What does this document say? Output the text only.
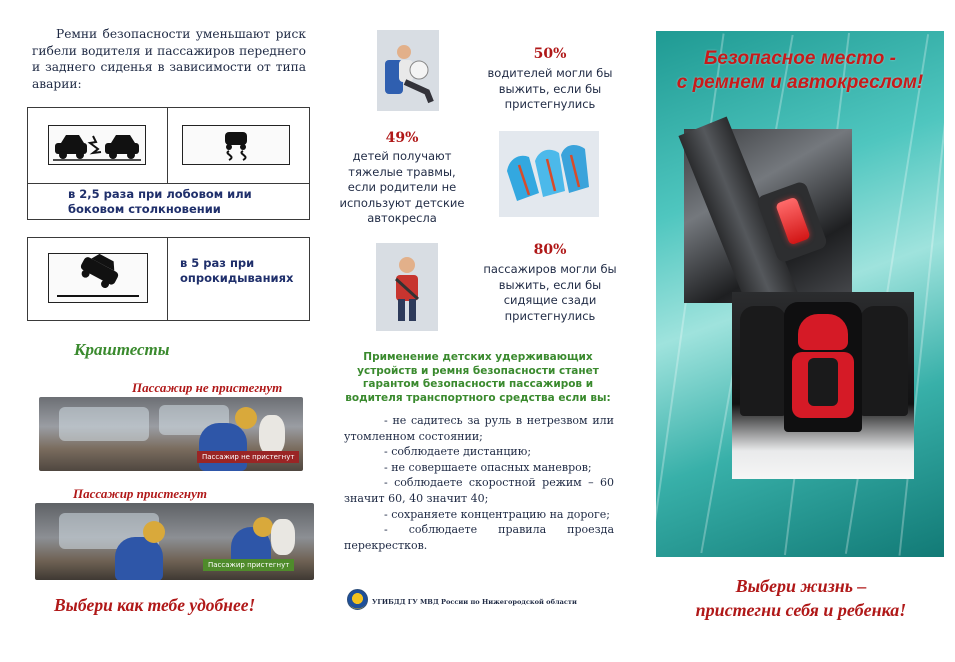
Ремни безопасности уменьшают риск гибели водителя и пассажиров переднего и заднего сиденья в зависимости от типа аварии:
в 2,5 раза при лобовом или боковом столкновении
в 5 раз при опрокидываниях
Краштесты
Пассажир не пристегнут
Пассажир не пристегнут
Пассажир пристегнут
Пассажир пристегнут
Выбери как тебе удобнее!
50%
водителей могли бы выжить, если бы пристегнулись
49%
детей получают тяжелые травмы, если родители не используют детские автокресла
80%
пассажиров могли бы выжить, если бы сидящие сзади пристегнулись
Применение детских удерживающих устройств и ремня безопасности станет гарантом безопасности пассажиров и водителя транспортного средства если вы:
- не садитесь за руль в нетрезвом или утомленном состоянии;
- соблюдаете дистанцию;
- не совершаете опасных маневров;
- соблюдаете скоростной режим – 60 значит 60, 40 значит 40;
- сохраняете концентрацию на дороге;
- соблюдаете правила проезда перекрестков.
УГИБДД ГУ МВД России по Нижегородской области
Безопасное место -
с ремнем и автокреслом!
Выбери жизнь –
пристегни себя и ребенка!
